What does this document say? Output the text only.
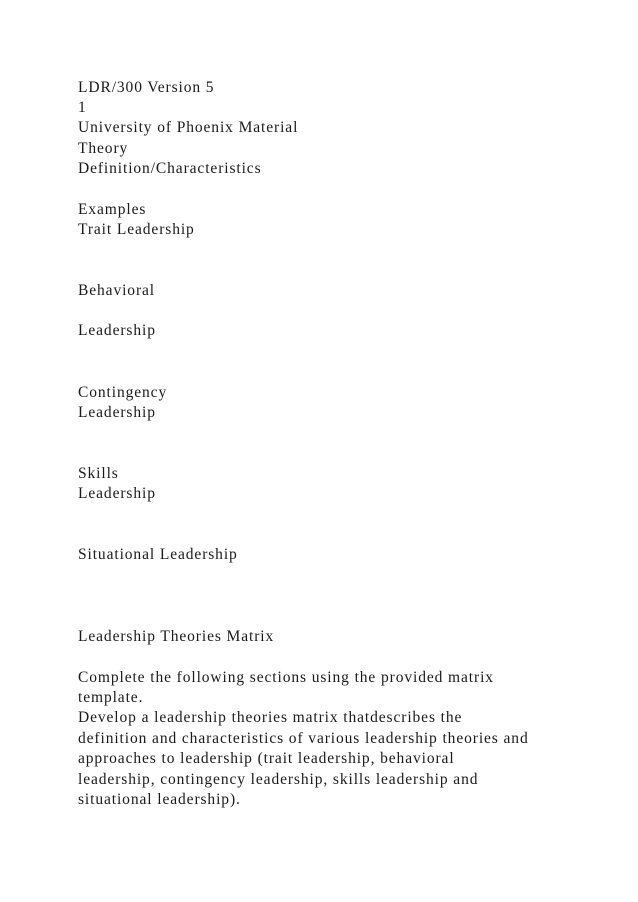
LDR/300 Version 5
1
University of Phoenix Material
Theory
Definition/Characteristics
Examples
Trait Leadership
Behavioral
Leadership
Contingency
Leadership
Skills
Leadership
Situational Leadership
Leadership Theories Matrix
Complete the following sections using the provided matrix
template.
Develop a leadership theories matrix thatdescribes the
definition and characteristics of various leadership theories and
approaches to leadership (trait leadership, behavioral
leadership, contingency leadership, skills leadership and
situational leadership).
